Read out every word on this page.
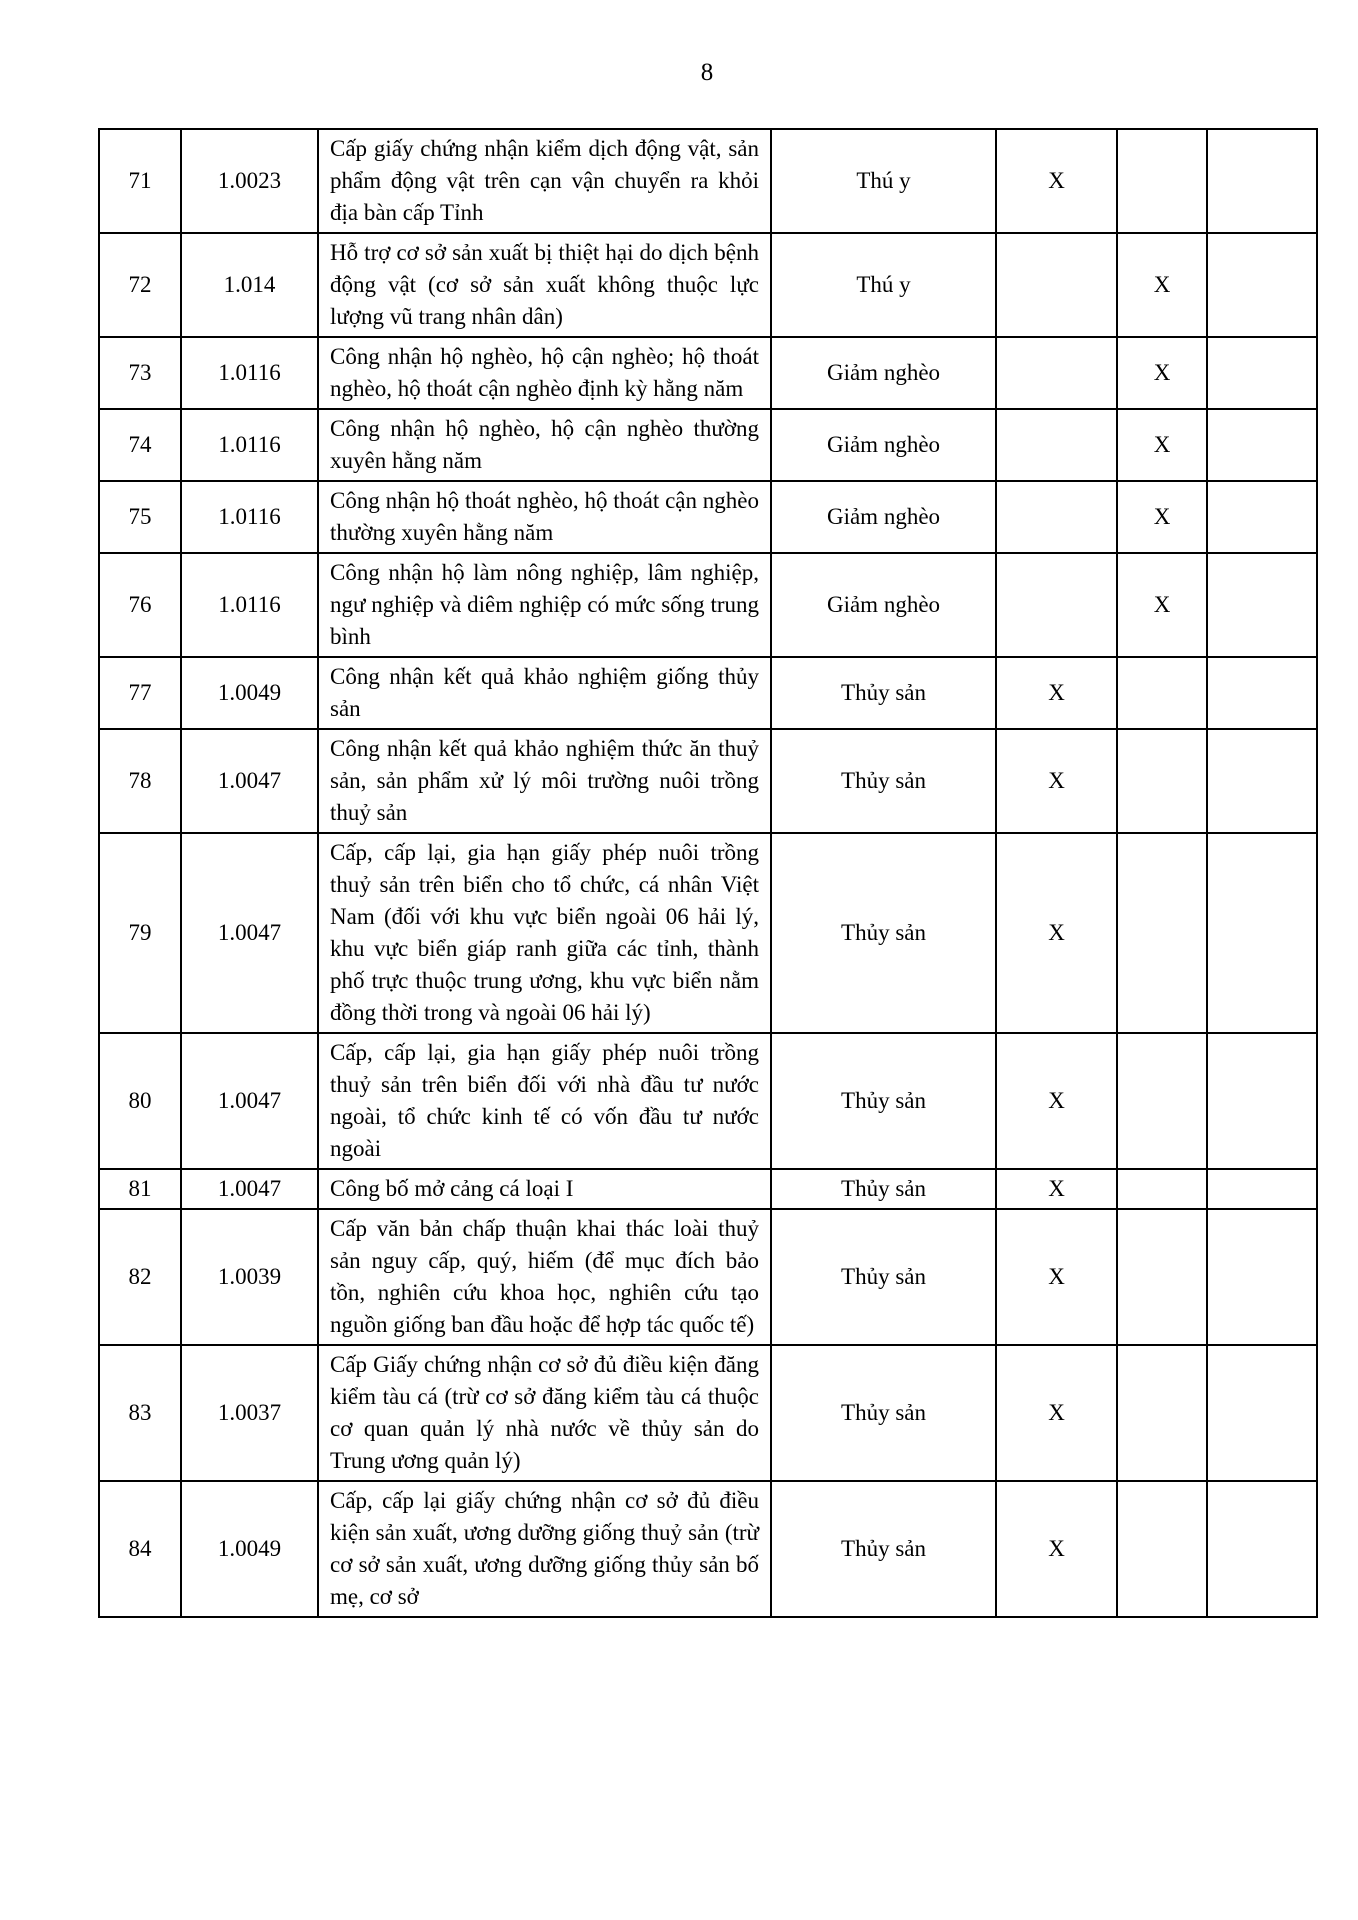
8
71	1.0023	Cấp giấy chứng nhận kiểm dịch động vật, sản phẩm động vật trên cạn vận chuyển ra khỏi địa bàn cấp Tỉnh	Thú y	X		
72	1.014	Hỗ trợ cơ sở sản xuất bị thiệt hại do dịch bệnh động vật (cơ sở sản xuất không thuộc lực lượng vũ trang nhân dân)	Thú y		X	
73	1.0116	Công nhận hộ nghèo, hộ cận nghèo; hộ thoát nghèo, hộ thoát cận nghèo định kỳ hằng năm	Giảm nghèo		X	
74	1.0116	Công nhận hộ nghèo, hộ cận nghèo thường xuyên hằng năm	Giảm nghèo		X	
75	1.0116	Công nhận hộ thoát nghèo, hộ thoát cận nghèo thường xuyên hằng năm	Giảm nghèo		X	
76	1.0116	Công nhận hộ làm nông nghiệp, lâm nghiệp, ngư nghiệp và diêm nghiệp có mức sống trung bình	Giảm nghèo		X	
77	1.0049	Công nhận kết quả khảo nghiệm giống thủy sản	Thủy sản	X		
78	1.0047	Công nhận kết quả khảo nghiệm thức ăn thuỷ sản, sản phẩm xử lý môi trường nuôi trồng thuỷ sản	Thủy sản	X		
79	1.0047	Cấp, cấp lại, gia hạn giấy phép nuôi trồng thuỷ sản trên biển cho tổ chức, cá nhân Việt Nam (đối với khu vực biển ngoài 06 hải lý, khu vực biển giáp ranh giữa các tỉnh, thành phố trực thuộc trung ương, khu vực biển nằm đồng thời trong và ngoài 06 hải lý)	Thủy sản	X		
80	1.0047	Cấp, cấp lại, gia hạn giấy phép nuôi trồng thuỷ sản trên biển đối với nhà đầu tư nước ngoài, tổ chức kinh tế có vốn đầu tư nước ngoài	Thủy sản	X		
81	1.0047	Công bố mở cảng cá loại I	Thủy sản	X		
82	1.0039	Cấp văn bản chấp thuận khai thác loài thuỷ sản nguy cấp, quý, hiếm (để mục đích bảo tồn, nghiên cứu khoa học, nghiên cứu tạo nguồn giống ban đầu hoặc để hợp tác quốc tế)	Thủy sản	X		
83	1.0037	Cấp Giấy chứng nhận cơ sở đủ điều kiện đăng kiểm tàu cá (trừ cơ sở đăng kiểm tàu cá thuộc cơ quan quản lý nhà nước về thủy sản do Trung ương quản lý)	Thủy sản	X		
84	1.0049	Cấp, cấp lại giấy chứng nhận cơ sở đủ điều kiện sản xuất, ương dưỡng giống thuỷ sản (trừ cơ sở sản xuất, ương dưỡng giống thủy sản bố mẹ, cơ sở	Thủy sản	X		
